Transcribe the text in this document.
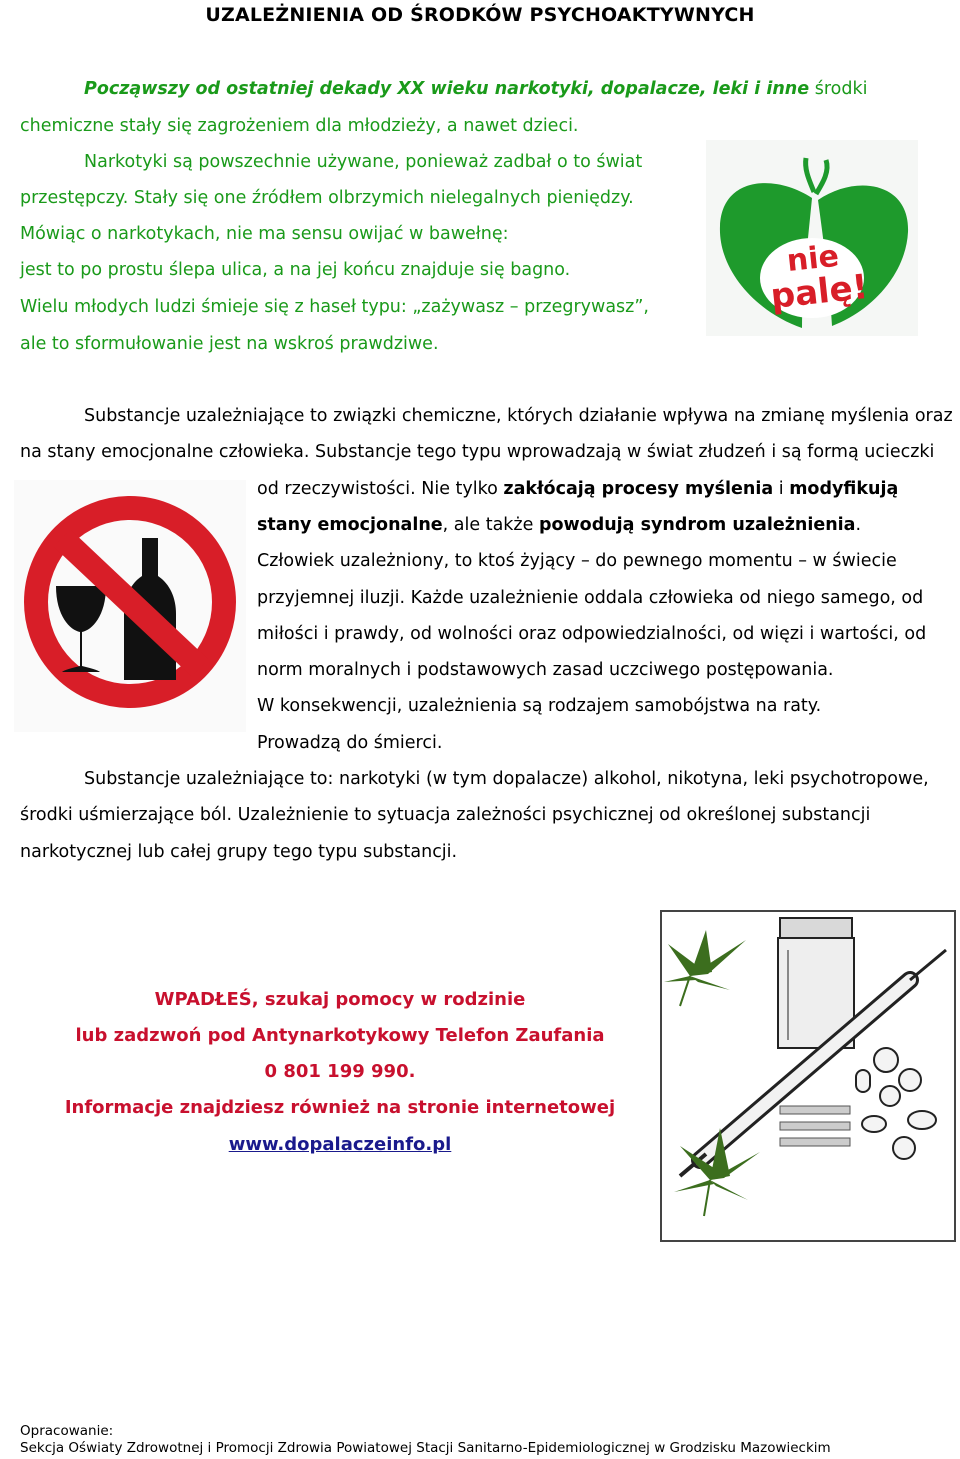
UZALEŻNIENIA OD ŚRODKÓW PSYCHOAKTYWNYCH
Począwszy od ostatniej dekady XX wieku narkotyki, dopalacze, leki i inne środki
chemiczne stały się zagrożeniem dla młodzieży, a nawet dzieci.
Narkotyki są powszechnie używane, ponieważ zadbał o to świat
przestępczy. Stały się one źródłem olbrzymich nielegalnych pieniędzy.
Mówiąc o narkotykach, nie ma sensu owijać w bawełnę:
jest to po prostu ślepa ulica, a na jej końcu znajduje się bagno.
Wielu młodych ludzi śmieje się z haseł typu: „zażywasz – przegrywasz”,
ale to sformułowanie jest na wskroś prawdziwe.
nie
palę!
Substancje uzależniające to związki chemiczne, których działanie wpływa na zmianę myślenia oraz
na stany emocjonalne człowieka. Substancje tego typu wprowadzają w świat złudzeń i są formą ucieczki
od rzeczywistości. Nie tylko zakłócają procesy myślenia i modyfikują
stany emocjonalne, ale także powodują syndrom uzależnienia.
Człowiek uzależniony, to ktoś żyjący – do pewnego momentu – w świecie
przyjemnej iluzji. Każde uzależnienie oddala człowieka od niego samego, od
miłości i prawdy, od wolności oraz odpowiedzialności, od więzi i wartości, od
norm moralnych i podstawowych zasad uczciwego postępowania.
W konsekwencji, uzależnienia są rodzajem samobójstwa na raty.
Prowadzą do śmierci.
Substancje uzależniające to: narkotyki (w tym dopalacze) alkohol, nikotyna, leki psychotropowe,
środki uśmierzające ból. Uzależnienie to sytuacja zależności psychicznej od określonej substancji
narkotycznej lub całej grupy tego typu substancji.
WPADŁEŚ, szukaj pomocy w rodzinie
lub zadzwoń pod Antynarkotykowy Telefon Zaufania
0 801 199 990.
Informacje znajdziesz również na stronie internetowej
www.dopalaczeinfo.pl
Opracowanie:
Sekcja Oświaty Zdrowotnej i Promocji Zdrowia Powiatowej Stacji Sanitarno-Epidemiologicznej w Grodzisku Mazowieckim
